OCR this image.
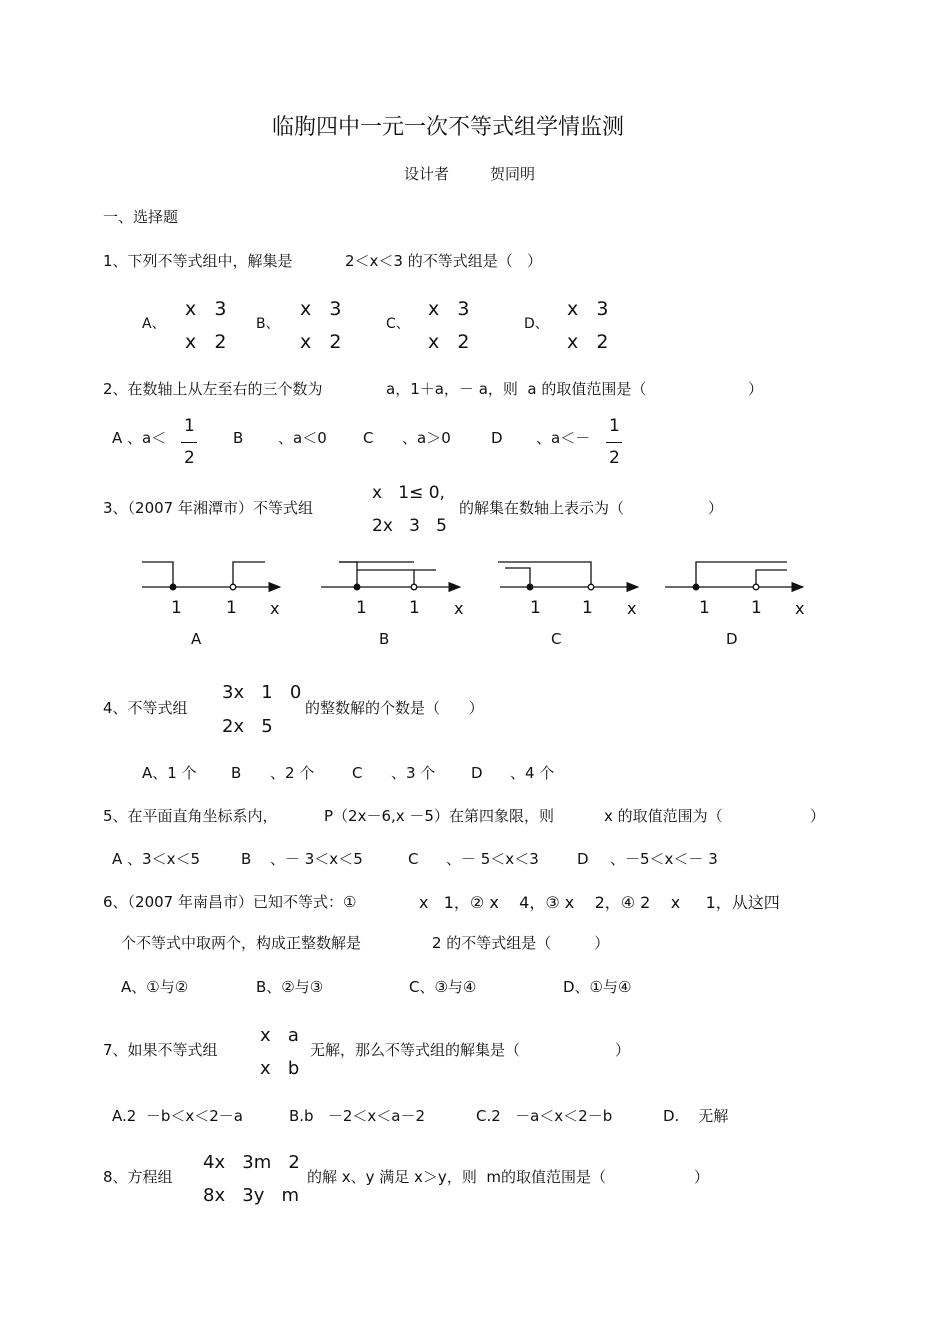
临朐四中一元一次不等式组学情监测
设计者	贺同明
一、选择题
1、下列不等式组中，解集是	2＜x＜3 的不等式组是（   ）
A、
x   3
x   2
B、
x   3
x   2
C、
x   3
x   2
D、
x   3
x   2
2、在数轴上从左至右的三个数为	a，1＋a，－ a，则  a 的取值范围是（	）
A 、a＜
1
2
B 、a＜0 C 、a＞0	D 、a＜－
1
2
3、（2007 年湘潭市）不等式组
x   1≤ 0,
2x   3   5
的解集在数轴上表示为（	）
1	1 x
A
1 1 x
B
1 1 x
C
1 1 x
D
4、不等式组
3x   1   0
2x   5
的整数解的个数是（      ）
A、1 个 B 、2 个	C 、3 个 D 、4 个
5、在平面直角坐标系内，	P（2x－6,x －5）在第四象限，则	x 的取值范围为（	）
A 、3＜x＜5	B 、－ 3＜x＜5	C 、－ 5＜x＜3	D 、－5＜x＜－ 3
6、（2007 年南昌市）已知不等式：①	x   1，② x    4，③ x    2，④ 2    x     1，从这四
个不等式中取两个，构成正整数解是	2 的不等式组是（         ）
A、①与②	B、②与③	C、③与④	D、①与④
7、如果不等式组
x   a
x   b
无解，那么不等式组的解集是（	）
A.2  －b＜x＜2－a	B.b   －2＜x＜a－2	C.2   －a＜x＜2－b	D.    无解
8、方程组
4x   3m   2
8x   3y   m
的解 x、y 满足 x＞y，则  m的取值范围是（	）
